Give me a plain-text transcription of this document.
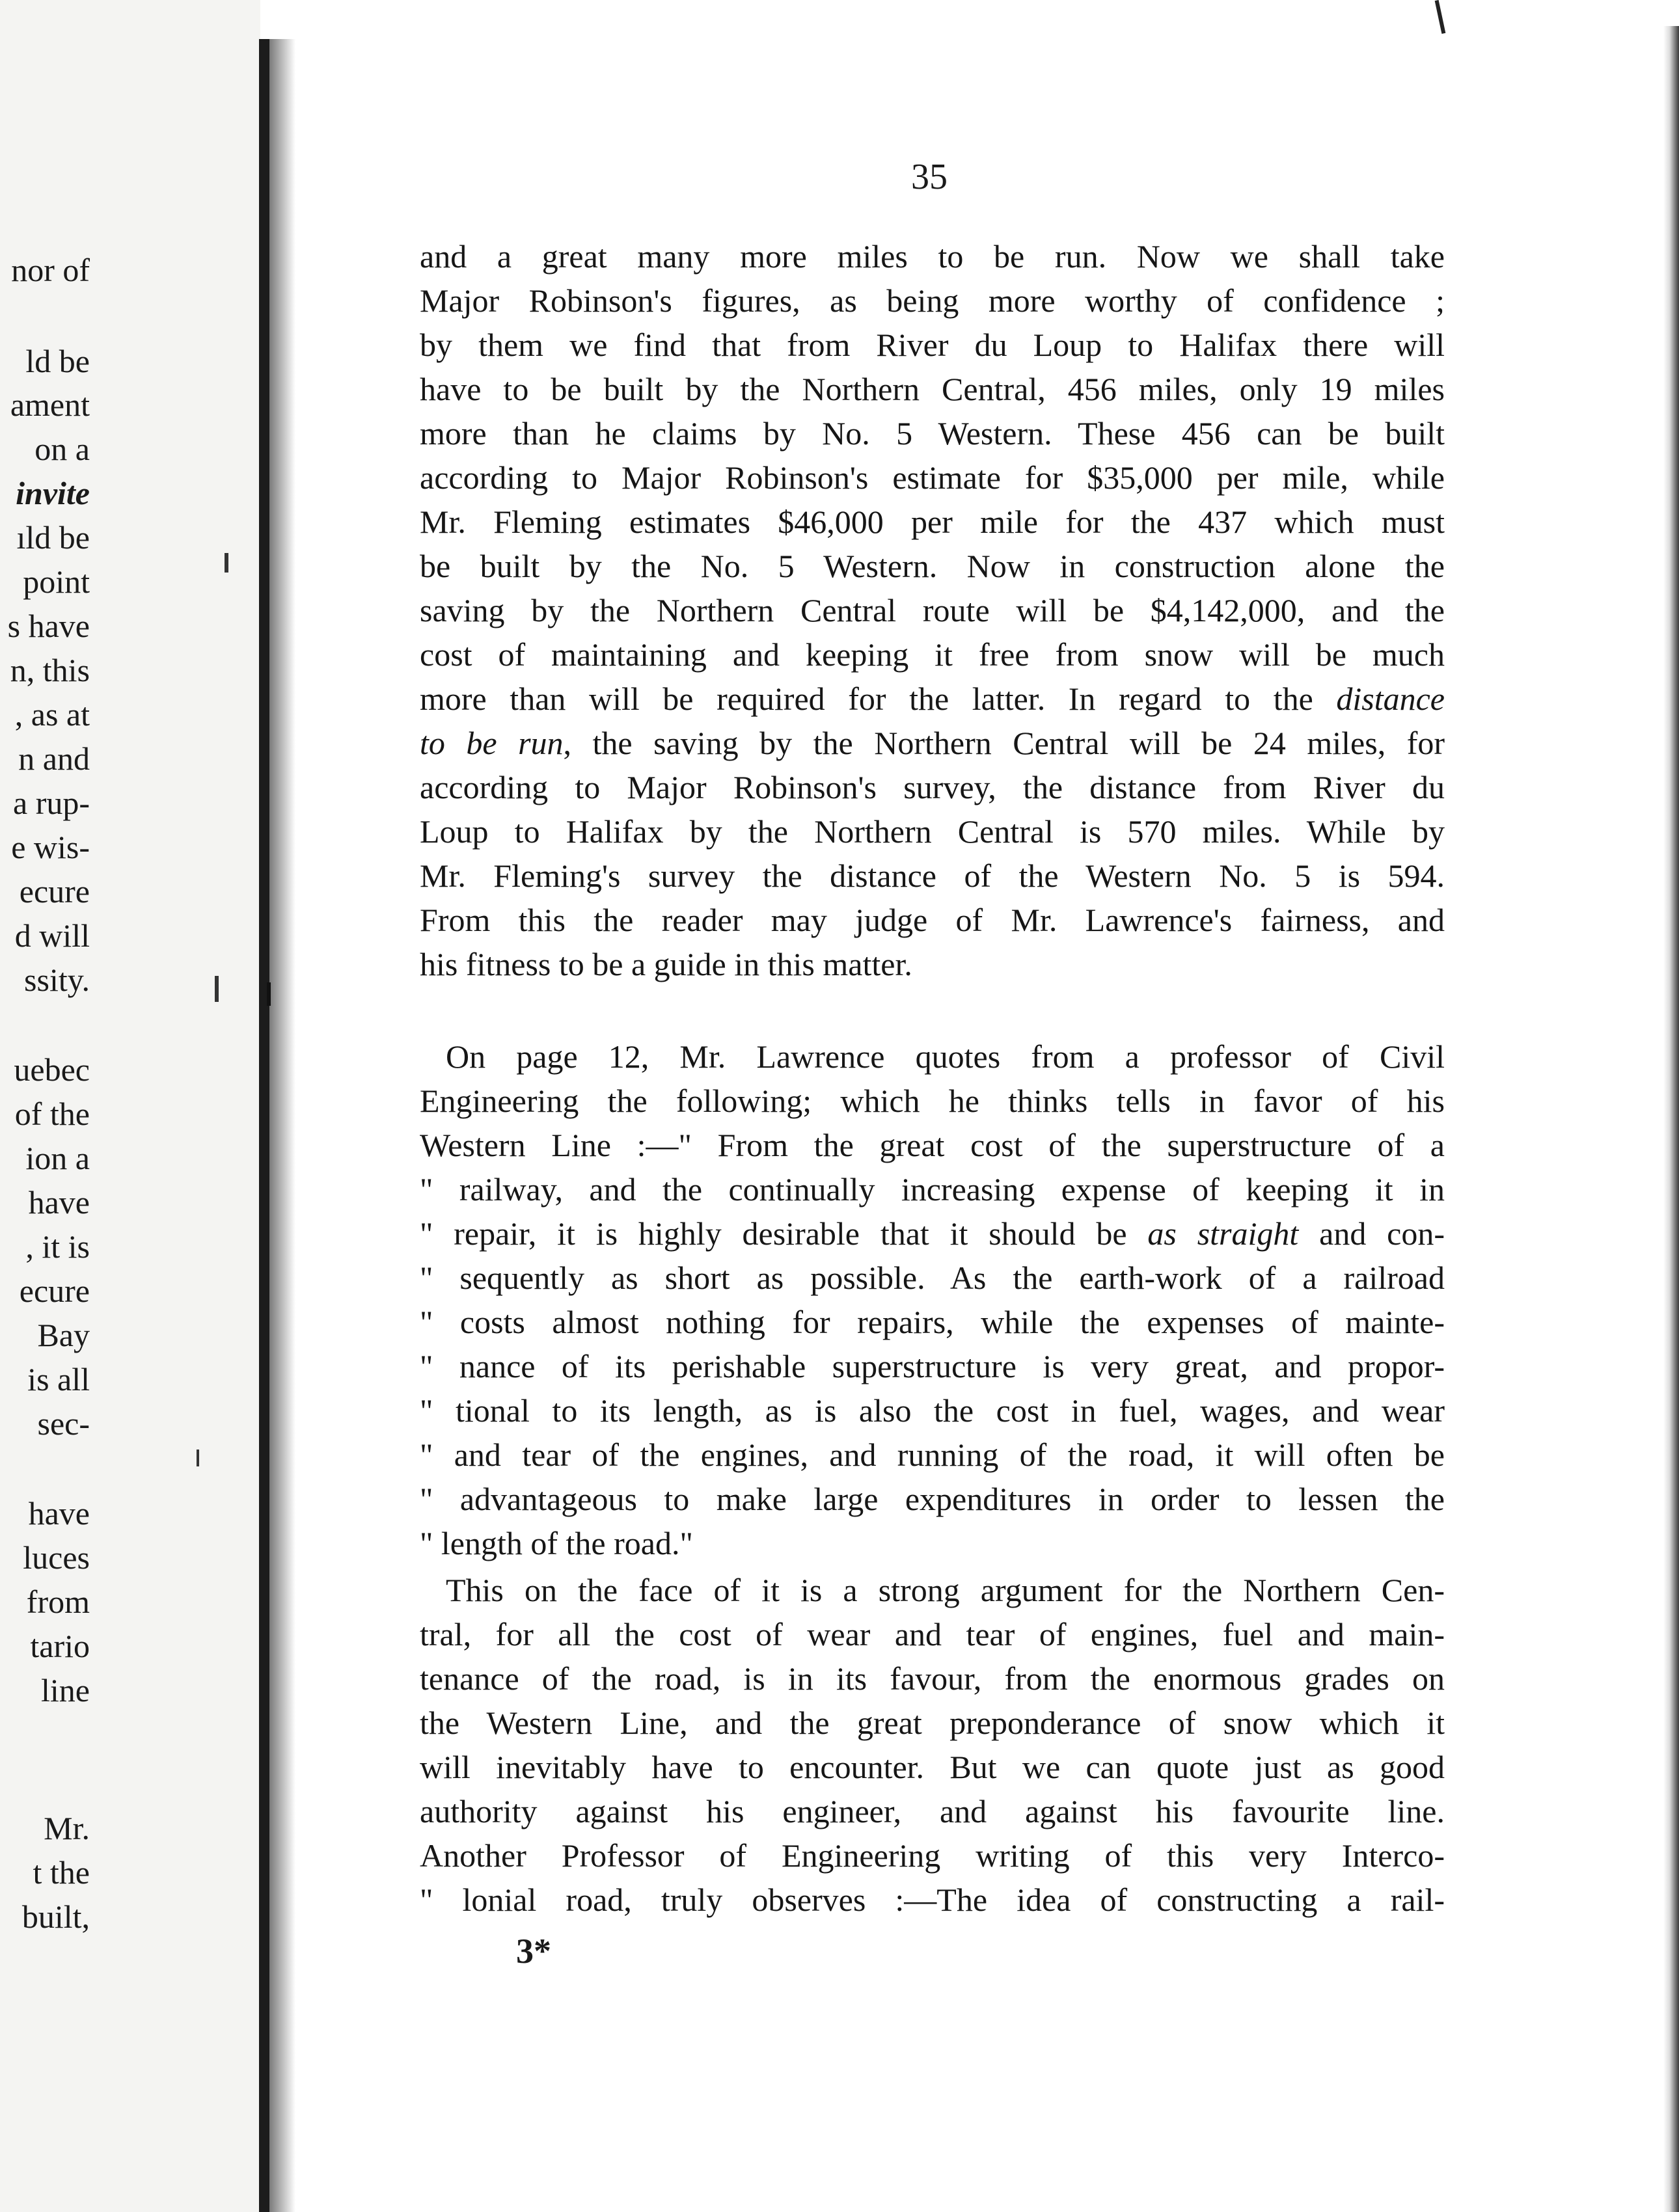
nor of
ld be
ament
on a
invite
ıld be
point
s have
n, this
, as at
n and
a rup-
e wis-
ecure
d will
ssity.
uebec
of the
ion a
have
, it is
ecure
Bay
is all
sec-
have
luces
from
tario
line
Mr.
t the
built,
35
and a great many more miles to be run. Now we shall take
Major Robinson's figures, as being more worthy of confidence ;
by them we find that from River du Loup to Halifax there will
have to be built by the Northern Central, 456 miles, only 19 miles
more than he claims by No. 5 Western. These 456 can be built
according to Major Robinson's estimate for $35,000 per mile, while
Mr. Fleming estimates $46,000 per mile for the 437 which must
be built by the No. 5 Western. Now in construction alone the
saving by the Northern Central route will be $4,142,000, and the
cost of maintaining and keeping it free from snow will be much
more than will be required for the latter. In regard to the distance
to be run, the saving by the Northern Central will be 24 miles, for
according to Major Robinson's survey, the distance from River du
Loup to Halifax by the Northern Central is 570 miles. While by
Mr. Fleming's survey the distance of the Western No. 5 is 594.
From this the reader may judge of Mr. Lawrence's fairness, and
his fitness to be a guide in this matter.
On page 12, Mr. Lawrence quotes from a professor of Civil
Engineering the following; which he thinks tells in favor of his
Western Line :—" From the great cost of the superstructure of a
" railway, and the continually increasing expense of keeping it in
" repair, it is highly desirable that it should be as straight and con-
" sequently as short as possible. As the earth-work of a railroad
" costs almost nothing for repairs, while the expenses of mainte-
" nance of its perishable superstructure is very great, and propor-
" tional to its length, as is also the cost in fuel, wages, and wear
" and tear of the engines, and running of the road, it will often be
" advantageous to make large expenditures in order to lessen the
" length of the road."
This on the face of it is a strong argument for the Northern Cen-
tral, for all the cost of wear and tear of engines, fuel and main-
tenance of the road, is in its favour, from the enormous grades on
the Western Line, and the great preponderance of snow which it
will inevitably have to encounter. But we can quote just as good
authority against his engineer, and against his favourite line.
Another Professor of Engineering writing of this very Interco-
" lonial road, truly observes :—The idea of constructing a rail-
3*
